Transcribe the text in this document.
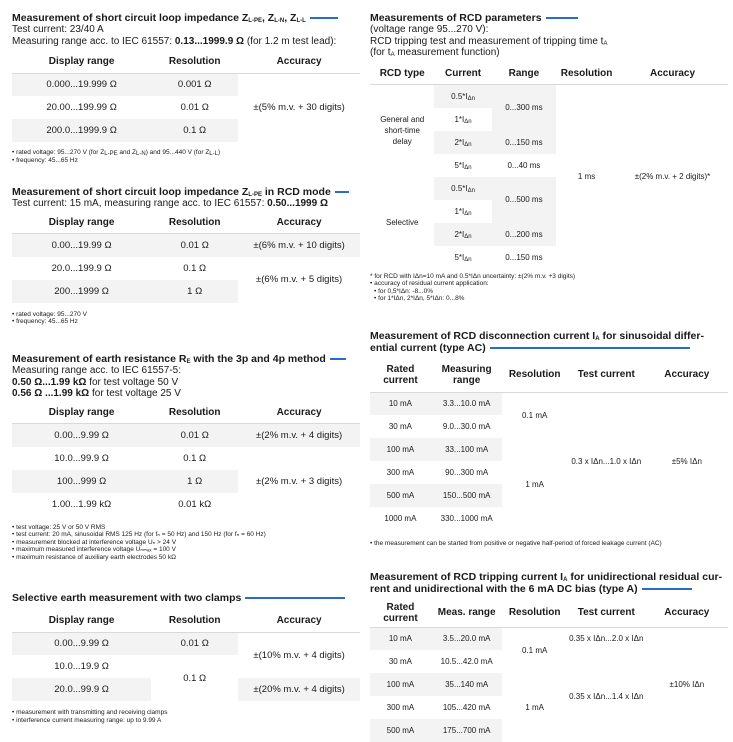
Measurement of short circuit loop impedance $Z_{L-PE}$, $Z_{L-N}$, $Z_{L-L}$
Test current: 23/40 A
Measuring range acc. to IEC 61557: 0.13...1999.9 Ω (for 1.2 m test lead):
Display range	Resolution	Accuracy
0.000...19.999 Ω	0.001 Ω	±(5% m.v. + 30 digits)
20.00...199.99 Ω	0.01 Ω	
200.0...1999.9 Ω	0.1 Ω	
• rated voltage: 95...270 V (for $Z_{L-PE}$ and $Z_{L-N}$) and 95...440 V (for $Z_{L-L}$)
• frequency: 45...65 Hz
Measurement of short circuit loop impedance $Z_{L-PE}$ in RCD mode
Test current: 15 mA, measuring range acc. to IEC 61557: 0.50...1999 Ω
Display range	Resolution	Accuracy
0.00...19.99 Ω	0.01 Ω	±(6% m.v. + 10 digits)
20.0...199.9 Ω	0.1 Ω	±(6% m.v. + 5 digits)
200...1999 Ω	1 Ω	
• rated voltage: 95...270 V
• frequency: 45...65 Hz
Measurement of earth resistance $R_E$ with the 3p and 4p method
Measuring range acc. to IEC 61557-5:
0.50 Ω...1.99 kΩ for test voltage 50 V
0.56 Ω ...1.99 kΩ for test voltage 25 V
Display range	Resolution	Accuracy
0.00...9.99 Ω	0.01 Ω	±(2% m.v. + 4 digits)
10.0...99.9 Ω	0.1 Ω	±(2% m.v. + 3 digits)
100...999 Ω	1 Ω	
1.00...1.99 kΩ	0.01 kΩ	
• test voltage: 25 V or 50 V RMS
• test current: 20 mA, sinusoidal RMS 125 Hz (for fₙ = 50 Hz) and 150 Hz (for fₙ = 60 Hz)
• measurement blocked at interference voltage Uₙ > 24 V
• maximum measured interference voltage Uₙₘₐₓ = 100 V
• maximum resistance of auxiliary earth electrodes 50 kΩ
Selective earth measurement with two clamps
Display range	Resolution	Accuracy
0.00...9.99 Ω	0.01 Ω	±(10% m.v. + 4 digits)
10.0...19.9 Ω	0.1 Ω	
20.0...99.9 Ω		±(20% m.v. + 4 digits)
• measurement with transmitting and receiving clamps
• interference current measuring range: up to 9.99 A
Measurements of RCD parameters
(voltage range 95...270 V):
RCD tripping test and measurement of tripping time $t_A$
(for $t_A$ measurement function)
RCD type	Current	Range	Resolution	Accuracy
General and short-time delay	$0.5*I_{\Delta n}$	0...300 ms	1 ms	±(2% m.v. + 2 digits)*
	$1*I_{\Delta n}$
	$2*I_{\Delta n}$	0...150 ms		
	$5*I_{\Delta n}$	0...40 ms		
Selective	$0.5*I_{\Delta n}$	0...500 ms		
	$1*I_{\Delta n}$
	$2*I_{\Delta n}$	0...200 ms		
	$5*I_{\Delta n}$	0...150 ms		
* for RCD with IΔn=10 mA and 0.5*IΔn uncertainty: ±(2% m.v. +3 digits)
• accuracy of residual current application:
• for 0,5*IΔn: -8...0%
• for 1*IΔn, 2*IΔn, 5*IΔn: 0...8%
Measurement of RCD disconnection current $I_A$ for sinusoidal differ-
ential current (type AC)
Rated current	Measuring range	Resolution	Test current	Accuracy
10 mA	3.3...10.0 mA	0.1 mA	0.3 x IΔn...1.0 x IΔn	±5% IΔn
30 mA	9.0...30.0 mA			
100 mA	33...100 mA	1 mA		
300 mA	90...300 mA			
500 mA	150...500 mA			
1000 mA	330...1000 mA			
• the measurement can be started from positive or negative half-period of forced leakage current (AC)
Measurement of RCD tripping current $I_A$ for unidirectional residual cur-
rent and unidirectional with the 6 mA DC bias (type A)
Rated current	Meas. range	Resolution	Test current	Accuracy
10 mA	3.5...20.0 mA	0.1 mA	0.35 x IΔn...2.0 x IΔn	±10% IΔn
30 mA	10.5...42.0 mA		0.35 x IΔn...1.4 x IΔn	
100 mA	35...140 mA	1 mA		
300 mA	105...420 mA			
500 mA	175...700 mA			
